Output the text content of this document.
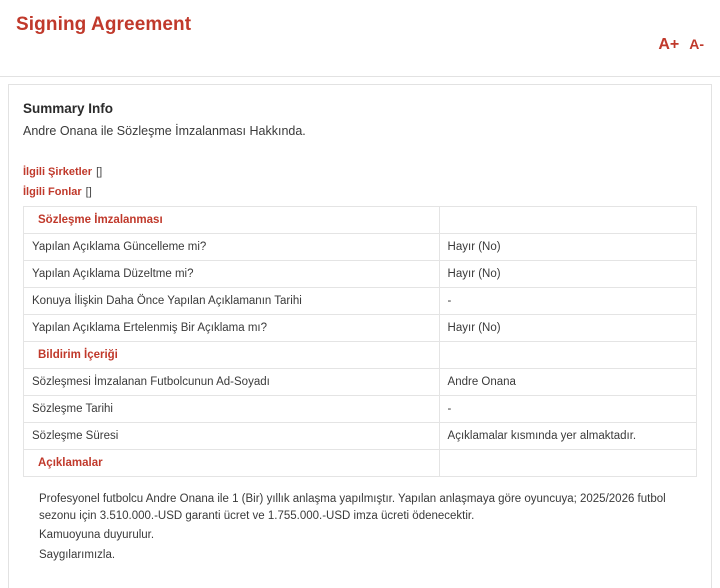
Signing Agreement
A+ A-
Summary Info
Andre Onana ile Sözleşme İmzalanması Hakkında.
İlgili Şirketler []
İlgili Fonlar []
Sözleşme İmzalanması	
Yapılan Açıklama Güncelleme mi?	Hayır (No)
Yapılan Açıklama Düzeltme mi?	Hayır (No)
Konuya İlişkin Daha Önce Yapılan Açıklamanın Tarihi	-
Yapılan Açıklama Ertelenmiş Bir Açıklama mı?	Hayır (No)
Bildirim İçeriği	
Sözleşmesi İmzalanan Futbolcunun Ad-Soyadı	Andre Onana
Sözleşme Tarihi	-
Sözleşme Süresi	Açıklamalar kısmında yer almaktadır.
Açıklamalar	

Profesyonel futbolcu Andre Onana ile 1 (Bir) yıllık anlaşma yapılmıştır. Yapılan anlaşmaya göre oyuncuya; 2025/2026 futbol sezonu için 3.510.000.-USD garanti ücret ve 1.755.000.-USD imza ücreti ödenecektir.

Kamuoyuna duyurulur.

Saygılarımızla.
